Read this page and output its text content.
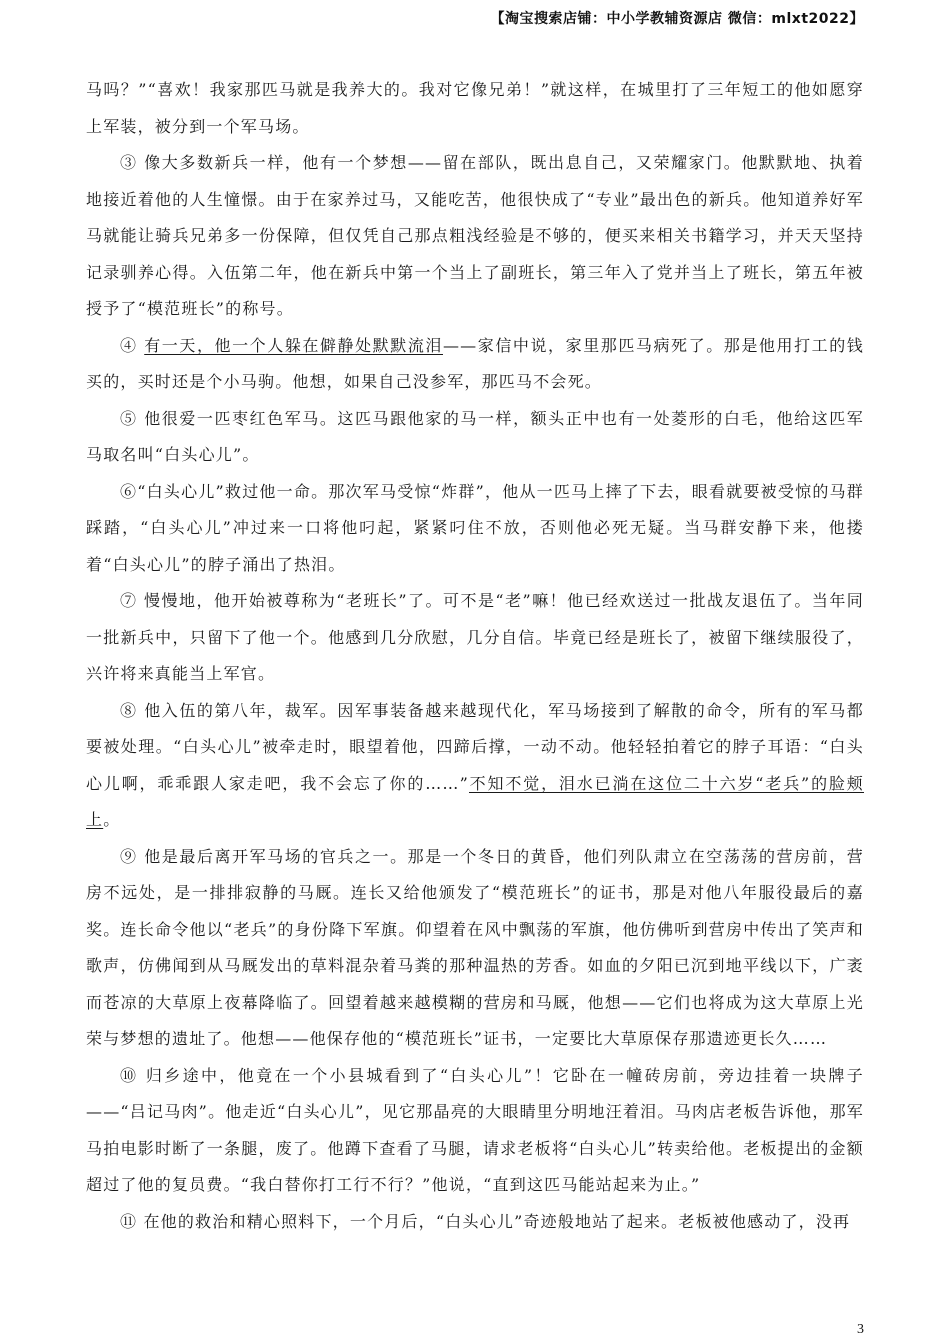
【淘宝搜索店铺：中小学教辅资源店 微信：mlxt2022】

马吗？”“喜欢！我家那匹马就是我养大的。我对它像兄弟！”就这样，在城里打了三年短工的他如愿穿上军装，被分到一个军马场。

③ 像大多数新兵一样，他有一个梦想——留在部队，既出息自己，又荣耀家门。他默默地、执着地接近着他的人生憧憬。由于在家养过马，又能吃苦，他很快成了“专业”最出色的新兵。他知道养好军马就能让骑兵兄弟多一份保障，但仅凭自己那点粗浅经验是不够的，便买来相关书籍学习，并天天坚持记录驯养心得。入伍第二年，他在新兵中第一个当上了副班长，第三年入了党并当上了班长，第五年被授予了“模范班长”的称号。

④ 有一天，他一个人躲在僻静处默默流泪——家信中说，家里那匹马病死了。那是他用打工的钱买的，买时还是个小马驹。他想，如果自己没参军，那匹马不会死。

⑤ 他很爱一匹枣红色军马。这匹马跟他家的马一样，额头正中也有一处菱形的白毛，他给这匹军马取名叫“白头心儿”。

⑥“白头心儿”救过他一命。那次军马受惊“炸群”，他从一匹马上摔了下去，眼看就要被受惊的马群踩踏，“白头心儿”冲过来一口将他叼起，紧紧叼住不放，否则他必死无疑。当马群安静下来，他搂着“白头心儿”的脖子涌出了热泪。

⑦ 慢慢地，他开始被尊称为“老班长”了。可不是“老”嘛！他已经欢送过一批战友退伍了。当年同一批新兵中，只留下了他一个。他感到几分欣慰，几分自信。毕竟已经是班长了，被留下继续服役了，兴许将来真能当上军官。

⑧ 他入伍的第八年，裁军。因军事装备越来越现代化，军马场接到了解散的命令，所有的军马都要被处理。“白头心儿”被牵走时，眼望着他，四蹄后撑，一动不动。他轻轻拍着它的脖子耳语：“白头心儿啊，乖乖跟人家走吧，我不会忘了你的……”不知不觉，泪水已淌在这位二十六岁“老兵”的脸颊上。

⑨ 他是最后离开军马场的官兵之一。那是一个冬日的黄昏，他们列队肃立在空荡荡的营房前，营房不远处，是一排排寂静的马厩。连长又给他颁发了“模范班长”的证书，那是对他八年服役最后的嘉奖。连长命令他以“老兵”的身份降下军旗。仰望着在风中飘荡的军旗，他仿佛听到营房中传出了笑声和歌声，仿佛闻到从马厩发出的草料混杂着马粪的那种温热的芳香。如血的夕阳已沉到地平线以下，广袤而苍凉的大草原上夜幕降临了。回望着越来越模糊的营房和马厩，他想——它们也将成为这大草原上光荣与梦想的遗址了。他想——他保存他的“模范班长”证书，一定要比大草原保存那遗迹更长久……

⑩ 归乡途中，他竟在一个小县城看到了“白头心儿”！它卧在一幢砖房前，旁边挂着一块牌子——“吕记马肉”。他走近“白头心儿”，见它那晶亮的大眼睛里分明地汪着泪。马肉店老板告诉他，那军马拍电影时断了一条腿，废了。他蹲下查看了马腿，请求老板将“白头心儿”转卖给他。老板提出的金额超过了他的复员费。“我白替你打工行不行？”他说，“直到这匹马能站起来为止。”

⑪ 在他的救治和精心照料下，一个月后，“白头心儿”奇迹般地站了起来。老板被他感动了，没再

3
